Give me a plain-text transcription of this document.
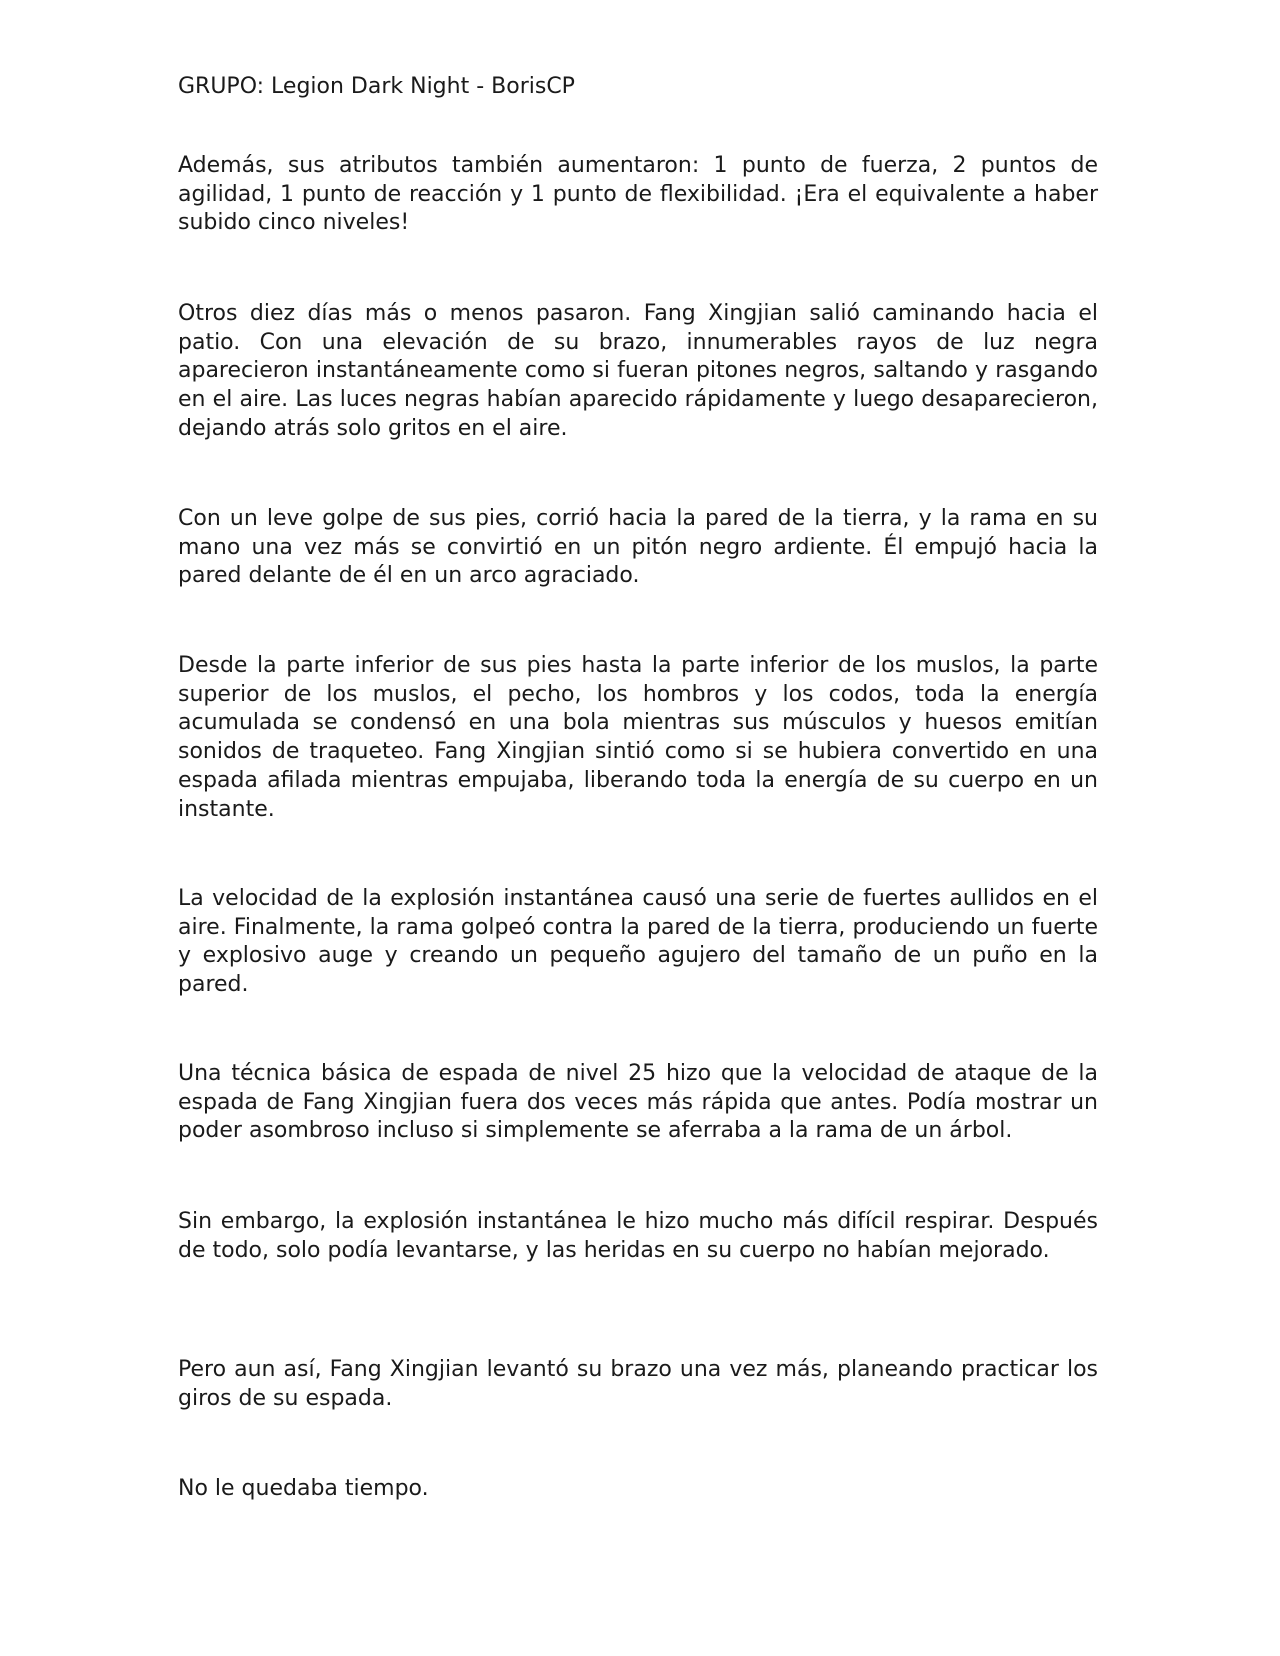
GRUPO: Legion Dark Night - BorisCP

Además, sus atributos también aumentaron: 1 punto de fuerza, 2 puntos de agilidad, 1 punto de reacción y 1 punto de flexibilidad. ¡Era el equivalente a haber subido cinco niveles!

Otros diez días más o menos pasaron. Fang Xingjian salió caminando hacia el patio. Con una elevación de su brazo, innumerables rayos de luz negra aparecieron instantáneamente como si fueran pitones negros, saltando y rasgando en el aire. Las luces negras habían aparecido rápidamente y luego desaparecieron, dejando atrás solo gritos en el aire.

Con un leve golpe de sus pies, corrió hacia la pared de la tierra, y la rama en su mano una vez más se convirtió en un pitón negro ardiente. Él empujó hacia la pared delante de él en un arco agraciado.

Desde la parte inferior de sus pies hasta la parte inferior de los muslos, la parte superior de los muslos, el pecho, los hombros y los codos, toda la energía acumulada se condensó en una bola mientras sus músculos y huesos emitían sonidos de traqueteo. Fang Xingjian sintió como si se hubiera convertido en una espada afilada mientras empujaba, liberando toda la energía de su cuerpo en un instante.

La velocidad de la explosión instantánea causó una serie de fuertes aullidos en el aire. Finalmente, la rama golpeó contra la pared de la tierra, produciendo un fuerte y explosivo auge y creando un pequeño agujero del tamaño de un puño en la pared.

Una técnica básica de espada de nivel 25 hizo que la velocidad de ataque de la espada de Fang Xingjian fuera dos veces más rápida que antes. Podía mostrar un poder asombroso incluso si simplemente se aferraba a la rama de un árbol.

Sin embargo, la explosión instantánea le hizo mucho más difícil respirar. Después de todo, solo podía levantarse, y las heridas en su cuerpo no habían mejorado.

Pero aun así, Fang Xingjian levantó su brazo una vez más, planeando practicar los giros de su espada.

No le quedaba tiempo.
